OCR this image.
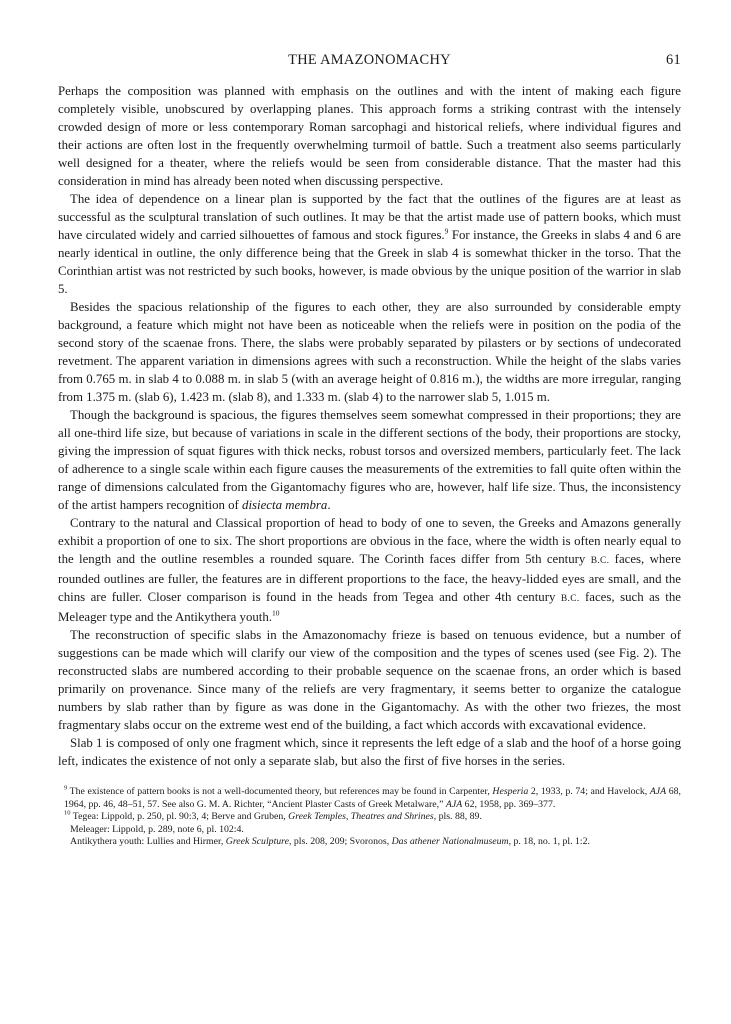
THE AMAZONOMACHY	61

Perhaps the composition was planned with emphasis on the outlines and with the intent of making each figure completely visible, unobscured by overlapping planes. This approach forms a striking contrast with the intensely crowded design of more or less contemporary Roman sarcophagi and historical reliefs, where individual figures and their actions are often lost in the frequently overwhelming turmoil of battle. Such a treatment also seems particularly well designed for a theater, where the reliefs would be seen from considerable distance. That the master had this consideration in mind has already been noted when discussing perspective.

The idea of dependence on a linear plan is supported by the fact that the outlines of the figures are at least as successful as the sculptural translation of such outlines. It may be that the artist made use of pattern books, which must have circulated widely and carried silhouettes of famous and stock figures.$^9$ For instance, the Greeks in slabs 4 and 6 are nearly identical in outline, the only difference being that the Greek in slab 4 is somewhat thicker in the torso. That the Corinthian artist was not restricted by such books, however, is made obvious by the unique position of the warrior in slab 5.

Besides the spacious relationship of the figures to each other, they are also surrounded by considerable empty background, a feature which might not have been as noticeable when the reliefs were in position on the podia of the second story of the scaenae frons. There, the slabs were probably separated by pilasters or by sections of undecorated revetment. The apparent variation in dimensions agrees with such a reconstruction. While the height of the slabs varies from 0.765 m. in slab 4 to 0.088 m. in slab 5 (with an average height of 0.816 m.), the widths are more irregular, ranging from 1.375 m. (slab 6), 1.423 m. (slab 8), and 1.333 m. (slab 4) to the narrower slab 5, 1.015 m.

Though the background is spacious, the figures themselves seem somewhat compressed in their proportions; they are all one-third life size, but because of variations in scale in the different sections of the body, their proportions are stocky, giving the impression of squat figures with thick necks, robust torsos and oversized members, particularly feet. The lack of adherence to a single scale within each figure causes the measurements of the extremities to fall quite often within the range of dimensions calculated from the Gigantomachy figures who are, however, half life size. Thus, the inconsistency of the artist hampers recognition of disiecta membra.

Contrary to the natural and Classical proportion of head to body of one to seven, the Greeks and Amazons generally exhibit a proportion of one to six. The short proportions are obvious in the face, where the width is often nearly equal to the length and the outline resembles a rounded square. The Corinth faces differ from 5th century B.C. faces, where rounded outlines are fuller, the features are in different proportions to the face, the heavy-lidded eyes are small, and the chins are fuller. Closer comparison is found in the heads from Tegea and other 4th century B.C. faces, such as the Meleager type and the Antikythera youth.$^{10}$

The reconstruction of specific slabs in the Amazonomachy frieze is based on tenuous evidence, but a number of suggestions can be made which will clarify our view of the composition and the types of scenes used (see Fig. 2). The reconstructed slabs are numbered according to their probable sequence on the scaenae frons, an order which is based primarily on provenance. Since many of the reliefs are very fragmentary, it seems better to organize the catalogue numbers by slab rather than by figure as was done in the Gigantomachy. As with the other two friezes, the most fragmentary slabs occur on the extreme west end of the building, a fact which accords with excavational evidence.

Slab 1 is composed of only one fragment which, since it represents the left edge of a slab and the hoof of a horse going left, indicates the existence of not only a separate slab, but also the first of five horses in the series.

$^9$ The existence of pattern books is not a well-documented theory, but references may be found in Carpenter, Hesperia 2, 1933, p. 74; and Havelock, AJA 68, 1964, pp. 46, 48–51, 57. See also G. M. A. Richter, “Ancient Plaster Casts of Greek Metalware,” AJA 62, 1958, pp. 369–377.

$^{10}$ Tegea: Lippold, p. 250, pl. 90:3, 4; Berve and Gruben, Greek Temples, Theatres and Shrines, pls. 88, 89.

Meleager: Lippold, p. 289, note 6, pl. 102:4.

Antikythera youth: Lullies and Hirmer, Greek Sculpture, pls. 208, 209; Svoronos, Das athener Nationalmuseum, p. 18, no. 1, pl. 1:2.
